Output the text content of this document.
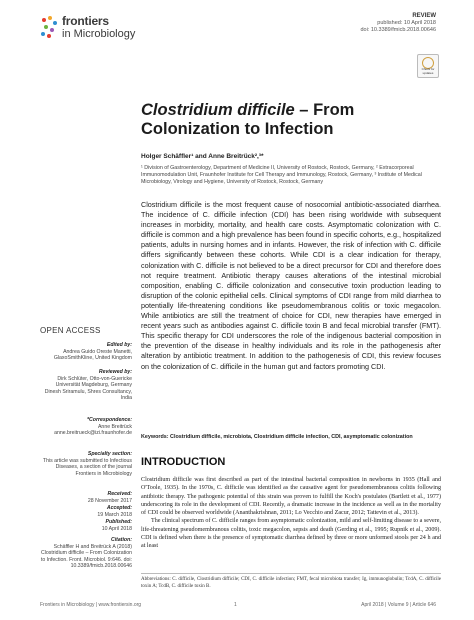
frontiers
in Microbiology
REVIEW
published: 10 April 2018
doi: 10.3389/fmicb.2018.00646
Check for updates
Clostridium difficile – From Colonization to Infection
Holger Schäffler¹ and Anne Breitrück²,³*
¹ Division of Gastroenterology, Department of Medicine II, University of Rostock, Rostock, Germany, ² Extracorporeal Immunomodulation Unit, Fraunhofer Institute for Cell Therapy and Immunology, Rostock, Germany, ³ Institute of Medical Microbiology, Virology and Hygiene, University of Rostock, Rostock, Germany
Clostridium difficile is the most frequent cause of nosocomial antibiotic-associated diarrhea. The incidence of C. difficile infection (CDI) has been rising worldwide with subsequent increases in morbidity, mortality, and health care costs. Asymptomatic colonization with C. difficile is common and a high prevalence has been found in specific cohorts, e.g., hospitalized patients, adults in nursing homes and in infants. However, the risk of infection with C. difficile differs significantly between these cohorts. While CDI is a clear indication for therapy, colonization with C. difficile is not believed to be a direct precursor for CDI and therefore does not require treatment. Antibiotic therapy causes alterations of the intestinal microbial composition, enabling C. difficile colonization and consecutive toxin production leading to disruption of the colonic epithelial cells. Clinical symptoms of CDI range from mild diarrhea to potentially life-threatening conditions like pseudomembranous colitis or toxic megacolon. While antibiotics are still the treatment of choice for CDI, new therapies have emerged in recent years such as antibodies against C. difficile toxin B and fecal microbial transfer (FMT). This specific therapy for CDI underscores the role of the indigenous bacterial composition in the prevention of the disease in healthy individuals and its role in the pathogenesis after alteration by antibiotic treatment. In addition to the pathogenesis of CDI, this review focuses on the colonization of C. difficile in the human gut and factors promoting CDI.
Keywords: Clostridium difficile, microbiota, Clostridium difficile infection, CDI, asymptomatic colonization
INTRODUCTION

Clostridium difficile was first described as part of the intestinal bacterial composition in newborns in 1935 (Hall and O'Toole, 1935). In the 1970s, C. difficile was identified as the causative agent for pseudomembranous colitis following antibiotic therapy. The pathogenic potential of this strain was proven to fulfill the Koch's postulates (Bartlett et al., 1977) underscoring its role in the development of CDI. Recently, a dramatic increase in the incidence as well as in the mortality of CDI could be observed worldwide (Ananthakrishnan, 2011; Lo Vecchio and Zacur, 2012; Tattevin et al., 2013).

The clinical spectrum of C. difficile ranges from asymptomatic colonization, mild and self-limiting disease to a severe, life-threatening pseudomembranous colitis, toxic megacolon, sepsis and death (Gerding et al., 1995; Rupnik et al., 2009). CDI is defined when there is the presence of symptomatic diarrhea defined by three or more unformed stools per 24 h and at least

Abbreviations: C. difficile, Clostridium difficile; CDI, C. difficile infection; FMT, fecal microbiota transfer; Ig, immunoglobulin; TcdA, C. difficile toxin A; TcdB, C. difficile toxin B.
OPEN ACCESS
Edited by:
Andrea Guido Oreste Manetti, GlaxoSmithKline, United Kingdom
Reviewed by:
Dirk Schlüter, Otto-von-Guericke Universität Magdeburg, Germany Dinesh Sriramulu, Shres Consultancy, India
*Correspondence:
Anne Breitrück anne.breitrueck@izi.fraunhofer.de
Specialty section:
This article was submitted to Infectious Diseases, a section of the journal Frontiers in Microbiology
Received:
28 November 2017
Accepted:
19 March 2018
Published:
10 April 2018
Citation:
Schäffler H and Breitrück A (2018) Clostridium difficile – From Colonization to Infection. Front. Microbiol. 9:646. doi: 10.3389/fmicb.2018.00646
Frontiers in Microbiology | www.frontiersin.org	1	April 2018 | Volume 9 | Article 646
